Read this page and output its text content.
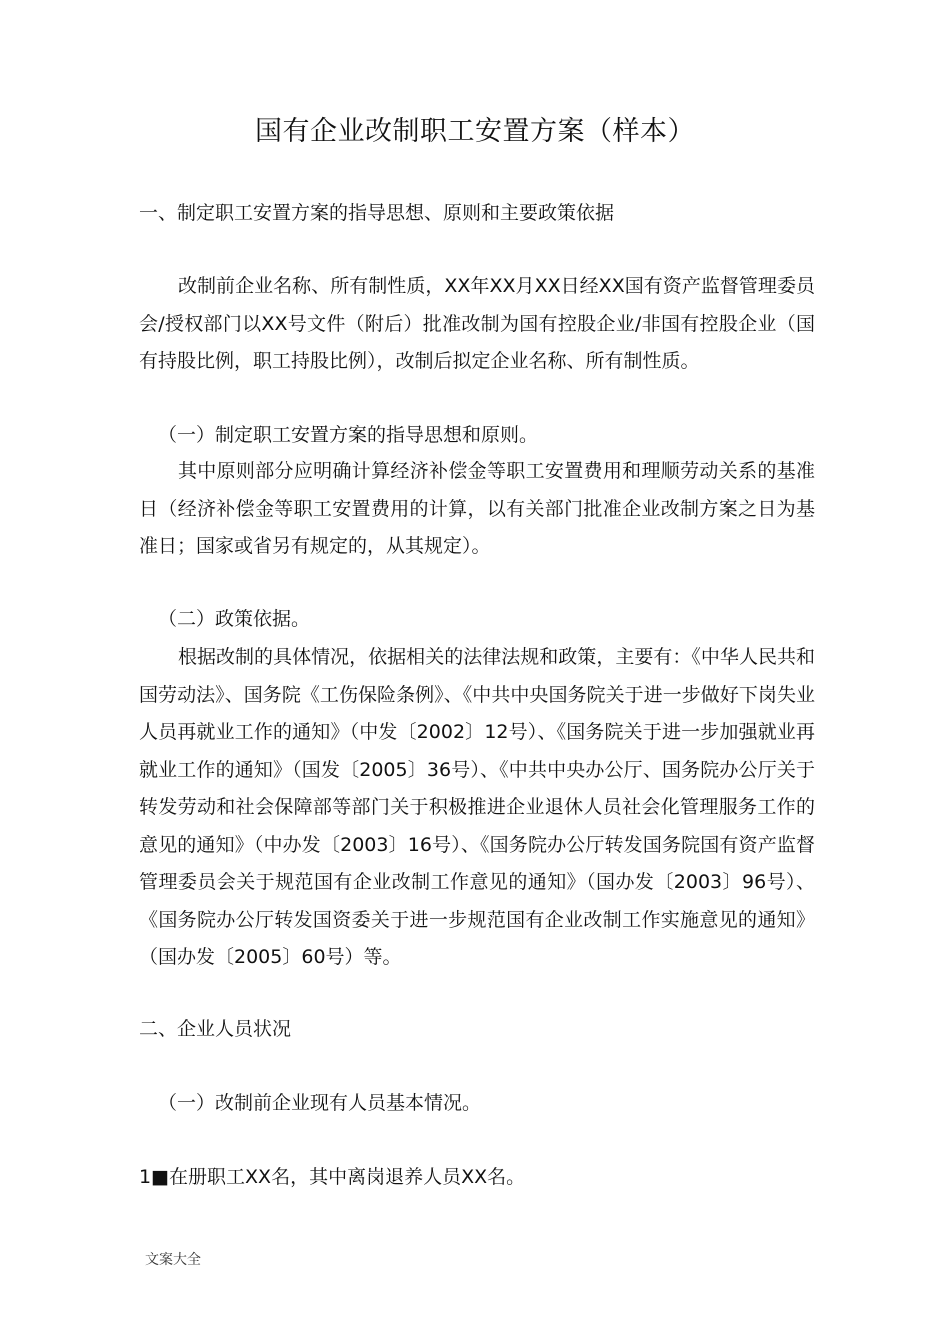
国有企业改制职工安置方案（样本）
一、制定职工安置方案的指导思想、原则和主要政策依据
改制前企业名称、所有制性质，XX年XX月XX日经XX国有资产监督管理委员会/授权部门以XX号文件（附后）批准改制为国有控股企业/非国有控股企业（国有持股比例，职工持股比例），改制后拟定企业名称、所有制性质。
（一）制定职工安置方案的指导思想和原则。
其中原则部分应明确计算经济补偿金等职工安置费用和理顺劳动关系的基准日（经济补偿金等职工安置费用的计算，以有关部门批准企业改制方案之日为基准日；国家或省另有规定的，从其规定）。
（二）政策依据。
根据改制的具体情况，依据相关的法律法规和政策，主要有：《中华人民共和国劳动法》、国务院《工伤保险条例》、《中共中央国务院关于进一步做好下岗失业人员再就业工作的通知》（中发〔2002〕12号）、《国务院关于进一步加强就业再就业工作的通知》（国发〔2005〕36号）、《中共中央办公厅、国务院办公厅关于转发劳动和社会保障部等部门关于积极推进企业退休人员社会化管理服务工作的意见的通知》（中办发〔2003〕16号）、《国务院办公厅转发国务院国有资产监督管理委员会关于规范国有企业改制工作意见的通知》（国办发〔2003〕96号）、《国务院办公厅转发国资委关于进一步规范国有企业改制工作实施意见的通知》（国办发〔2005〕60号）等。
二、企业人员状况
（一）改制前企业现有人员基本情况。
1■在册职工XX名，其中离岗退养人员XX名。
文案大全
